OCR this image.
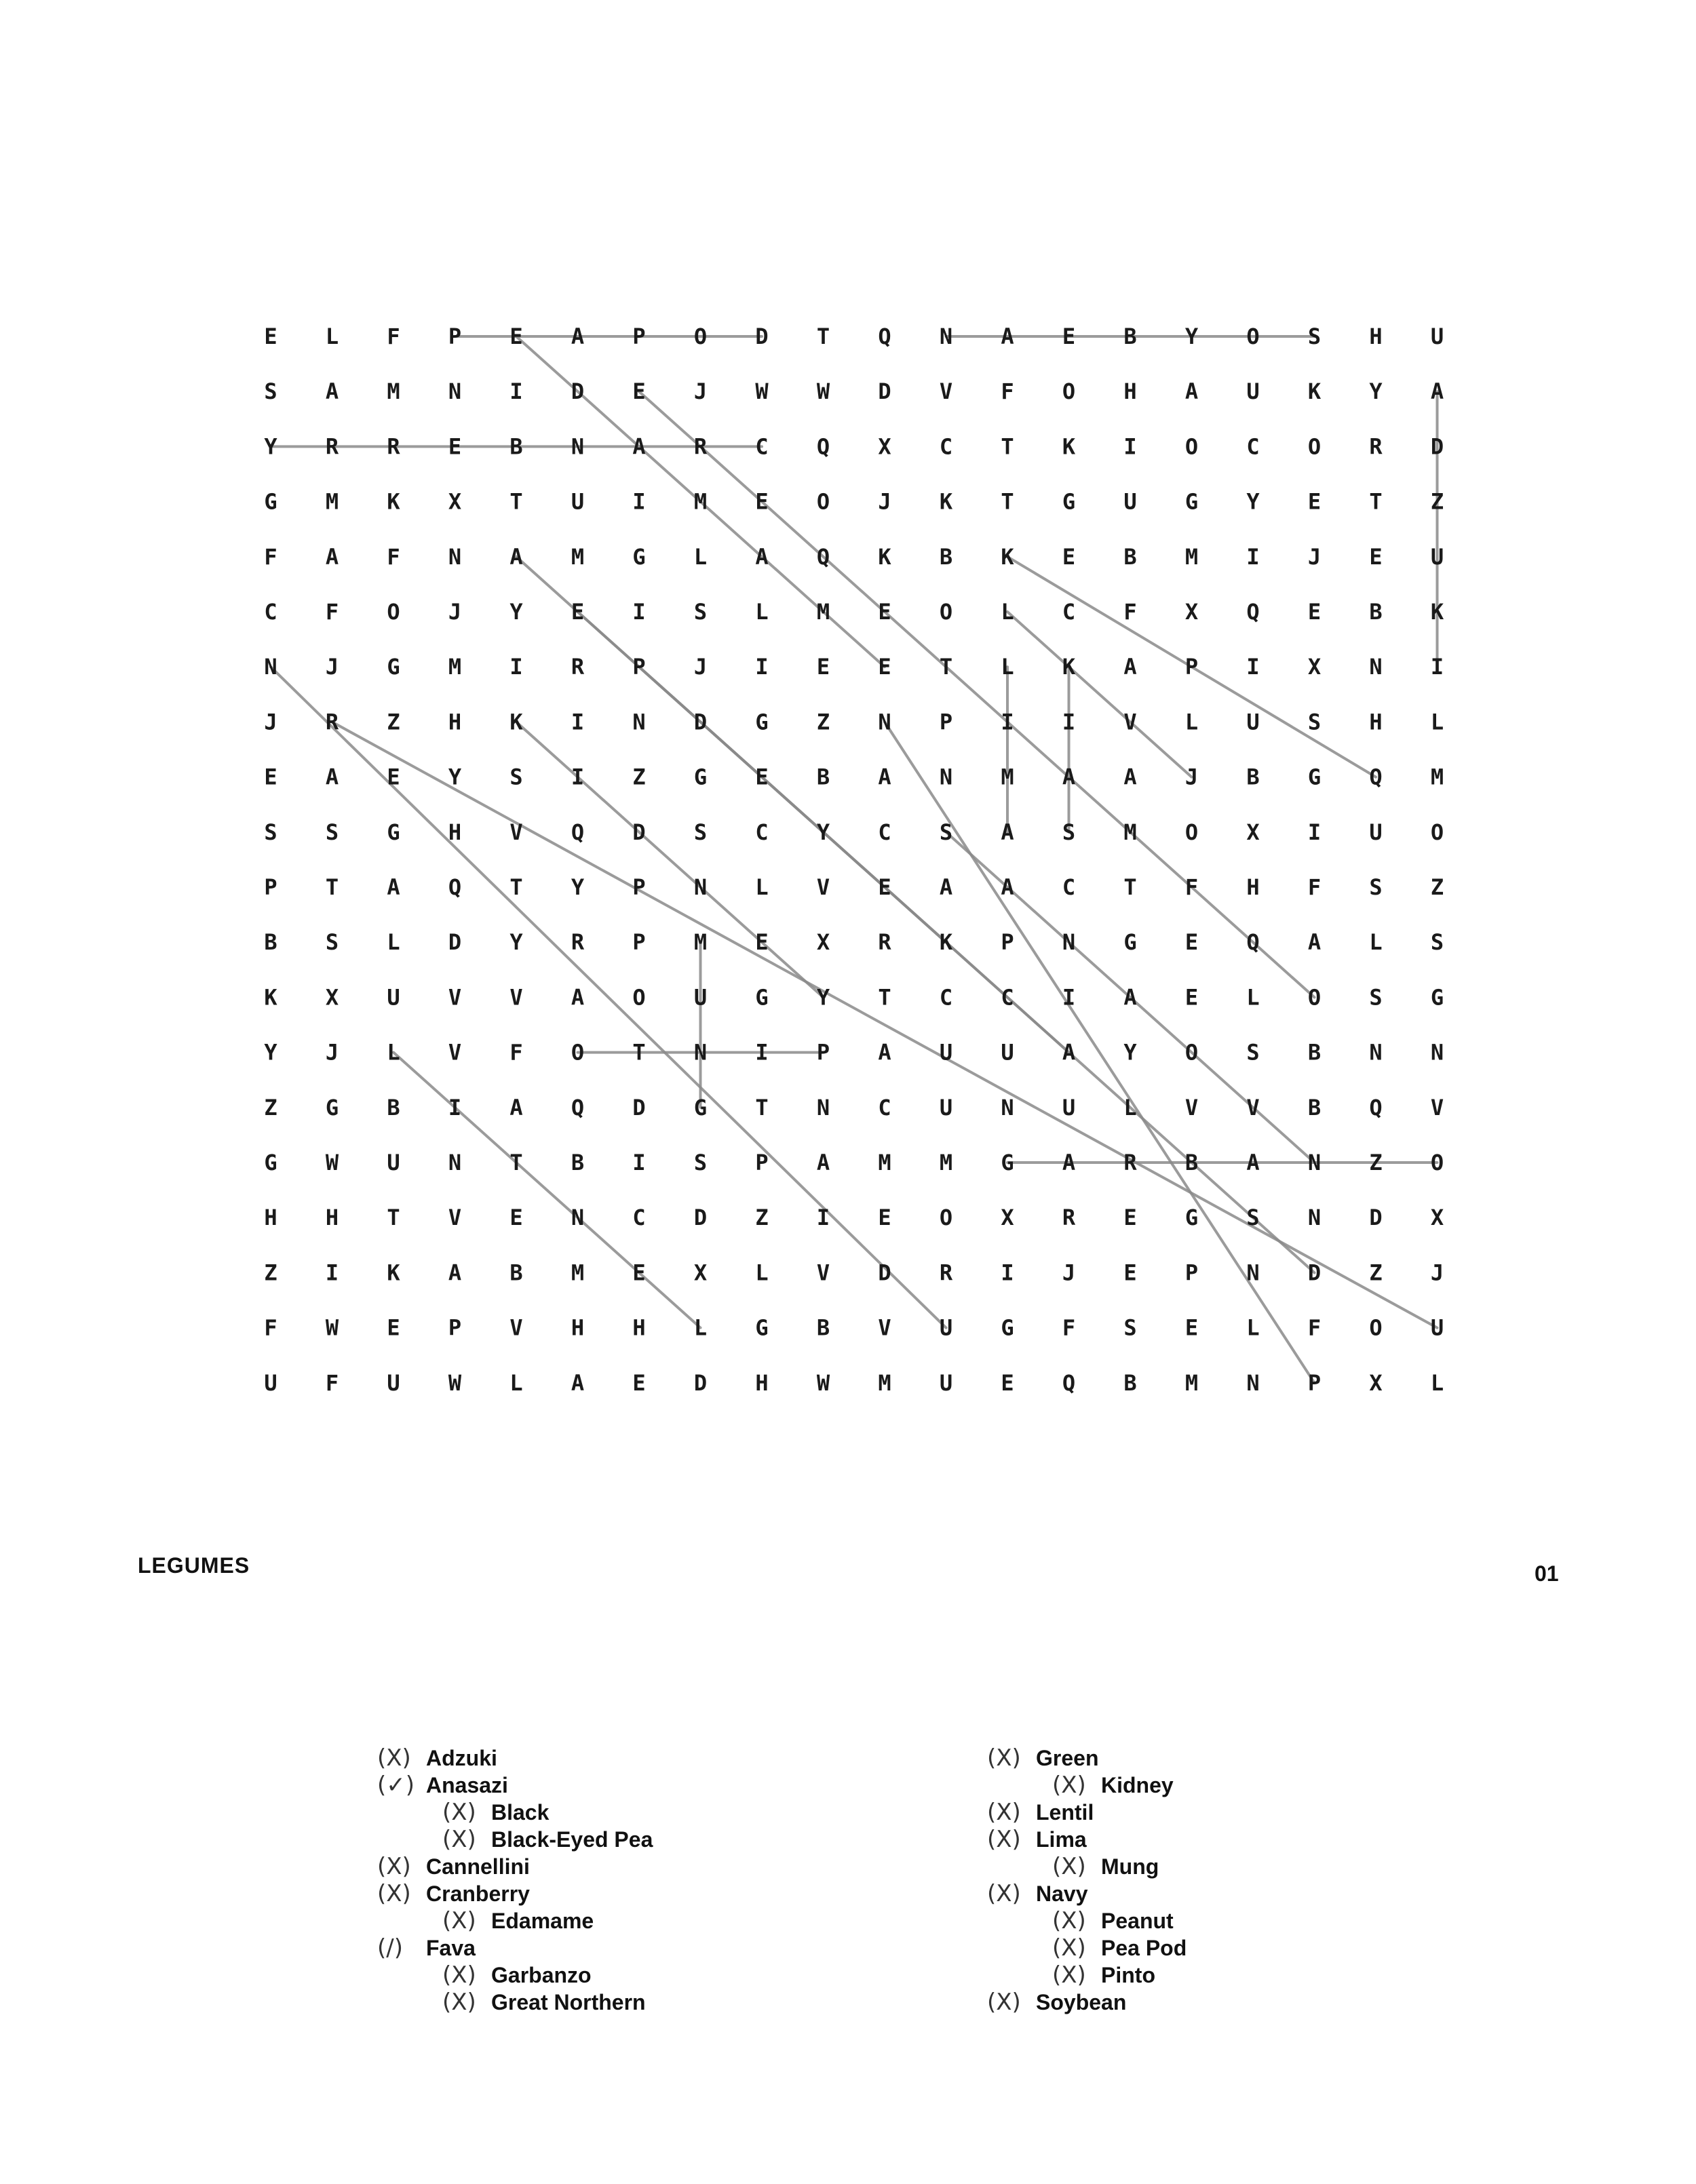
E L F P E A P O D T Q N A E B Y O S H U
S A M N I D E J W W D V F O H A U K Y A
Y R R E B N A R C Q X C T K I O C O R D
G M K X T U I M E O J K T G U G Y E T Z
F A F N A M G L A Q K B K E B M I J E U
C F O J Y E I S L M E O L C F X Q E B K
N J G M I R P J I E E T L K A P I X N I
J R Z H K I N D G Z N P I I V L U S H L
E A E Y S I Z G E B A N M A A J B G Q M
S S G H V Q D S C Y C S A S M O X I U O
P T A Q T Y P N L V E A A C T F H F S Z
B S L D Y R P M E X R K P N G E Q A L S
K X U V V A O U G Y T C C I A E L O S G
Y J L V F O T N I P A U U A Y O S B N N
Z G B I A Q D G T N C U N U L V V B Q V
G W U N T B I S P A M M G A R B A N Z O
H H T V E N C D Z I E O X R E G S N D X
Z I K A B M E X L V D R I J E P N D Z J
F W E P V H H L G B V U G F S E L F O U
U F U W L A E D H W M U E Q B M N P X L
LEGUMES	01
(X) Adzuki
(✓) Anasazi
(X) Black
(X) Black-Eyed Pea
(X) Cannellini
(X) Cranberry
(X) Edamame
(/)	Fava
(X) Garbanzo
(X) Great Northern
(X) Green
(X) Kidney
(X) Lentil
(X) Lima
(X) Mung
(X) Navy
(X) Peanut
(X) Pea Pod
(X) Pinto
(X) Soybean
